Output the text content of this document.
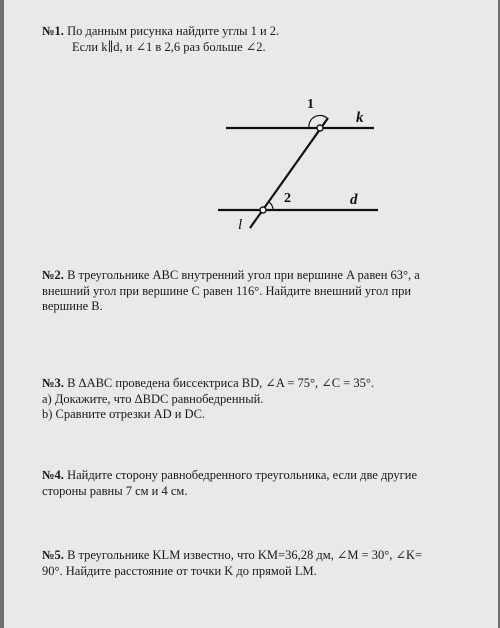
№1. По данным рисунка найдите углы 1 и 2.
Если k∥d, и ∠1 в 2,6 раз больше ∠2.
1
2
k
d
l
№2. В треугольнике ABC внутренний угол при вершине A равен 63°, а
внешний угол при вершине C равен 116°. Найдите внешний угол при
вершине B.
№3. В ΔABC проведена биссектриса BD, ∠A = 75°, ∠C = 35°.
a) Докажите, что ΔBDC равнобедренный.
b) Сравните отрезки AD и DC.
№4. Найдите сторону равнобедренного треугольника, если две другие
стороны равны 7 см и 4 см.
№5. В треугольнике KLM известно, что KM=36,28 дм, ∠M = 30°, ∠K=
90°. Найдите расстояние от точки K до прямой LM.
